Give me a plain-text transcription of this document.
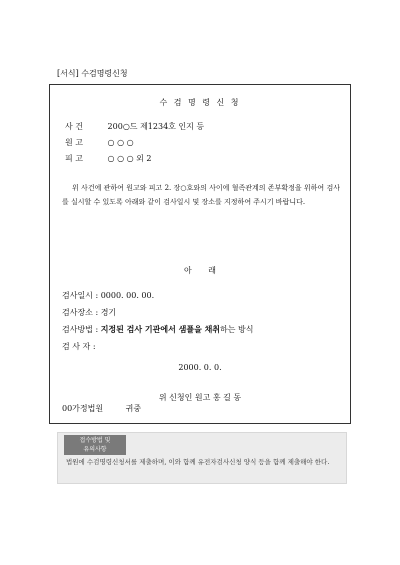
[서식] 수검명령신청
수 검 명 령 신 청
사 건	200○드 제1234호 인지 등
원 고	○ ○ ○
피 고	○ ○ ○ 외 2
위 사건에 관하여 원고와 피고 2. 장○호와의 사이에 혈족관계의 존부확정을 위하여 검사를 실시할 수 있도록 아래와 같이 검사일시 및 장소를 지정하여 주시기 바랍니다.
아 래
검사일시 : 0000. 00. 00.
검사장소 : 경기
검사방법 : 지정된 검사 기관에서 샘플을 채취하는 방식
검 사 자 :
2000. 0. 0.
위 신청인 원고 홍 길 동
00가정법원	귀중
접수방법 및
유의사항
법원에 수검명령신청서를 제출하며, 이와 함께 유전자검사신청 양식 등을 함께 제출해야 한다.
